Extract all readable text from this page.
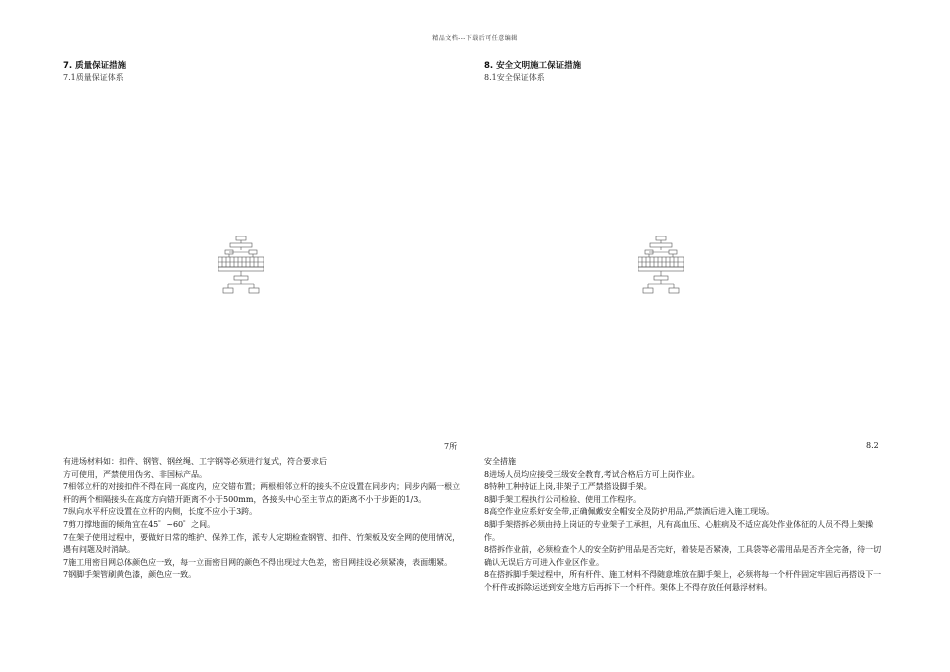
精品文档---下载后可任意编辑

7. 质量保证措施

7.1质量保证体系

7所

有进场材料如：扣件、钢管、钢丝绳、工字钢等必须进行复式，符合要求后

方可使用，严禁使用伪劣、非国标产品。

7相邻立杆的对接扣件不得在同一高度内，应交错布置；两根相邻立杆的接头不应设置在同步内；同步内隔一根立杆的两个相隔接头在高度方向错开距离不小于500mm，各接头中心至主节点的距离不小于步距的1/3。

7纵向水平杆应设置在立杆的内侧，长度不应小于3跨。

7剪刀撑地面的倾角宜在45゜~60゜之间。

7在架子使用过程中，要做好日常的维护、保养工作，派专人定期检查钢管、扣件、竹架板及安全网的使用情况，遇有问题及时消缺。

7施工用密目网总体颜色应一致，每一立面密目网的颜色不得出现过大色差，密目网挂设必须紧凑，表面绷紧。

7钢脚手架管刷黄色漆，颜色应一致。

8. 安全文明施工保证措施

8.1安全保证体系

8.2

安全措施

8进场人员均应接受三级安全教育,考试合格后方可上岗作业。

8特种工种持证上岗,非架子工严禁搭设脚手架。

8脚手架工程执行公司检验、使用工作程序。

8高空作业应系好安全带,正确佩戴安全帽安全及防护用品,严禁酒后进入施工现场。

8脚手架搭拆必须由持上岗证的专业架子工承担，凡有高血压、心脏病及不适应高处作业体征的人员不得上架操作。

8搭拆作业前，必须检查个人的安全防护用品是否完好，着装是否紧凑，工具袋等必需用品是否齐全完备，待一切确认无误后方可进入作业区作业。

8在搭拆脚手架过程中，所有杆件、施工材料不得随意堆放在脚手架上，必须将每一个杆件固定牢固后再搭设下一个杆件或拆除运送到安全地方后再拆下一个杆件。架体上不得存放任何悬浮材料。
